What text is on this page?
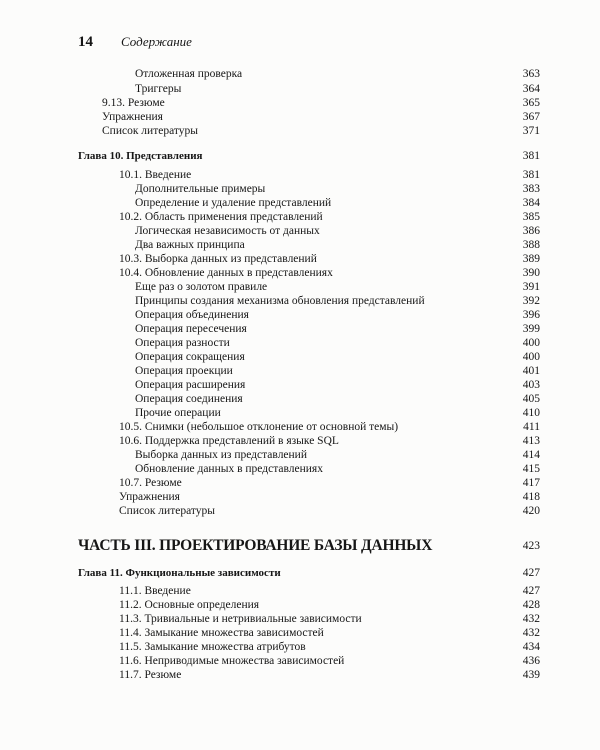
14 Содержание
Отложенная проверка	363
Триггеры	364
9.13. Резюме	365
Упражнения	367
Список литературы	371
Глава 10. Представления	381
10.1. Введение	381
Дополнительные примеры	383
Определение и удаление представлений	384
10.2. Область применения представлений	385
Логическая независимость от данных	386
Два важных принципа	388
10.3. Выборка данных из представлений	389
10.4. Обновление данных в представлениях	390
Еще раз о золотом правиле	391
Принципы создания механизма обновления представлений	392
Операция объединения	396
Операция пересечения	399
Операция разности	400
Операция сокращения	400
Операция проекции	401
Операция расширения	403
Операция соединения	405
Прочие операции	410
10.5. Снимки (небольшое отклонение от основной темы)	411
10.6. Поддержка представлений в языке SQL	413
Выборка данных из представлений	414
Обновление данных в представлениях	415
10.7. Резюме	417
Упражнения	418
Список литературы	420
ЧАСТЬ III. ПРОЕКТИРОВАНИЕ БАЗЫ ДАННЫХ	423
Глава 11. Функциональные зависимости	427
11.1. Введение	427
11.2. Основные определения	428
11.3. Тривиальные и нетривиальные зависимости	432
11.4. Замыкание множества зависимостей	432
11.5. Замыкание множества атрибутов	434
11.6. Неприводимые множества зависимостей	436
11.7. Резюме	439
